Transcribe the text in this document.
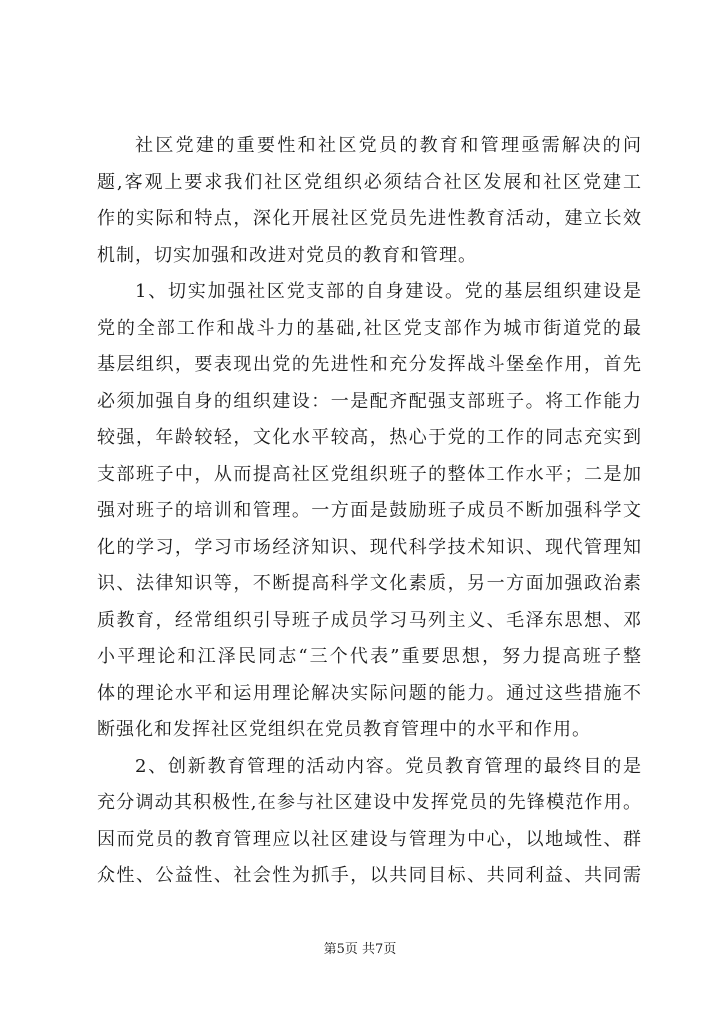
社区党建的重要性和社区党员的教育和管理亟需解决的问
题,客观上要求我们社区党组织必须结合社区发展和社区党建工
作的实际和特点，深化开展社区党员先进性教育活动，建立长效
机制，切实加强和改进对党员的教育和管理。
1、切实加强社区党支部的自身建设。党的基层组织建设是
党的全部工作和战斗力的基础,社区党支部作为城市街道党的最
基层组织，要表现出党的先进性和充分发挥战斗堡垒作用，首先
必须加强自身的组织建设：一是配齐配强支部班子。将工作能力
较强，年龄较轻，文化水平较高，热心于党的工作的同志充实到
支部班子中，从而提高社区党组织班子的整体工作水平；二是加
强对班子的培训和管理。一方面是鼓励班子成员不断加强科学文
化的学习，学习市场经济知识、现代科学技术知识、现代管理知
识、法律知识等，不断提高科学文化素质，另一方面加强政治素
质教育，经常组织引导班子成员学习马列主义、毛泽东思想、邓
小平理论和江泽民同志“三个代表”重要思想，努力提高班子整
体的理论水平和运用理论解决实际问题的能力。通过这些措施不
断强化和发挥社区党组织在党员教育管理中的水平和作用。
2、创新教育管理的活动内容。党员教育管理的最终目的是
充分调动其积极性,在参与社区建设中发挥党员的先锋模范作用。
因而党员的教育管理应以社区建设与管理为中心，以地域性、群
众性、公益性、社会性为抓手，以共同目标、共同利益、共同需
第5页 共7页
